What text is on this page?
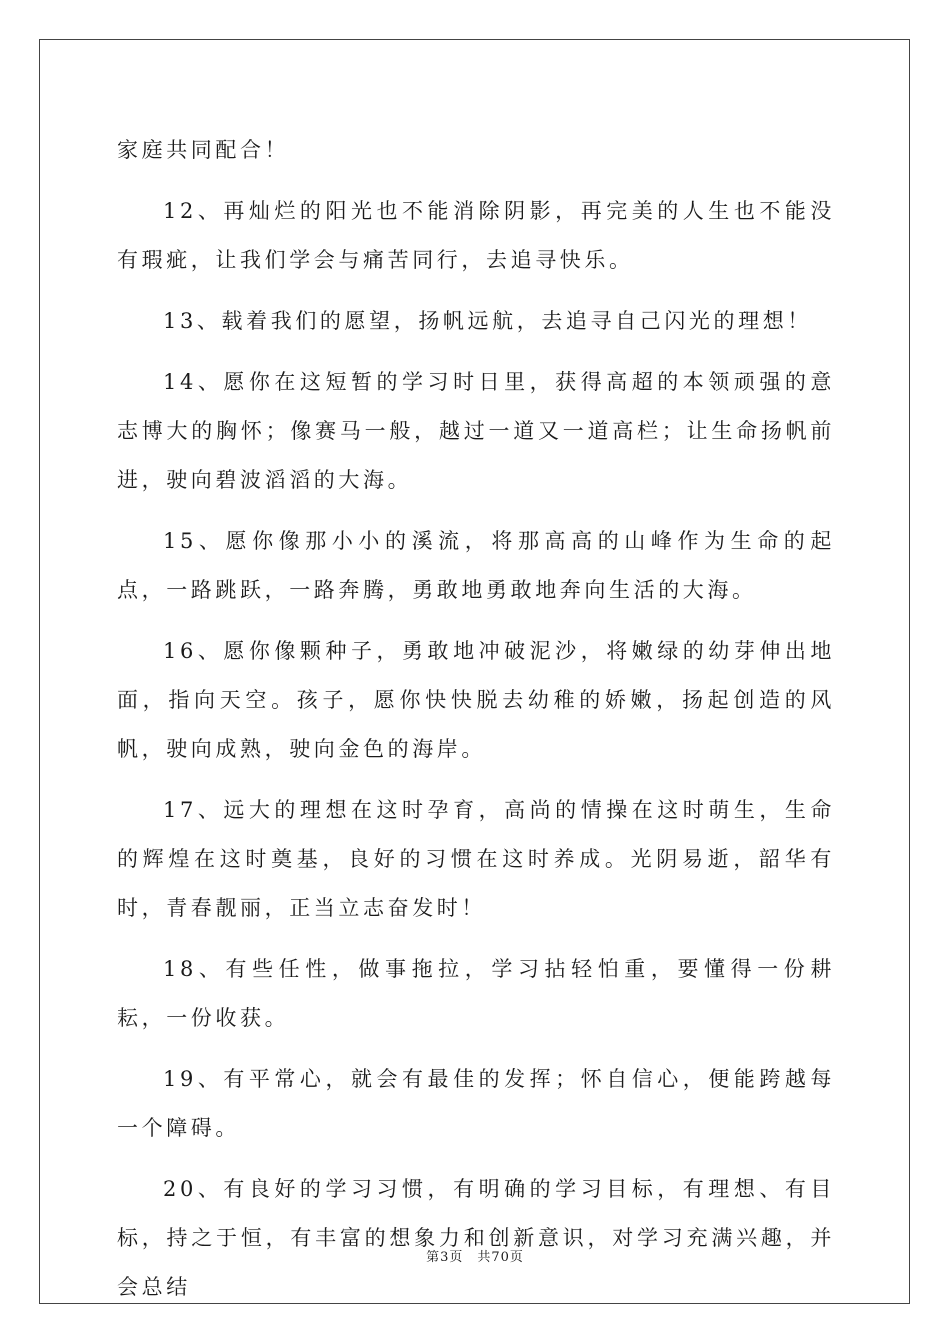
家庭共同配合！

12、再灿烂的阳光也不能消除阴影，再完美的人生也不能没有瑕疵，让我们学会与痛苦同行，去追寻快乐。

13、载着我们的愿望，扬帆远航，去追寻自己闪光的理想！

14、愿你在这短暂的学习时日里，获得高超的本领顽强的意志博大的胸怀；像赛马一般，越过一道又一道高栏；让生命扬帆前进，驶向碧波滔滔的大海。

15、愿你像那小小的溪流，将那高高的山峰作为生命的起点，一路跳跃，一路奔腾，勇敢地勇敢地奔向生活的大海。

16、愿你像颗种子，勇敢地冲破泥沙，将嫩绿的幼芽伸出地面，指向天空。孩子，愿你快快脱去幼稚的娇嫩，扬起创造的风帆，驶向成熟，驶向金色的海岸。

17、远大的理想在这时孕育，高尚的情操在这时萌生，生命的辉煌在这时奠基，良好的习惯在这时养成。光阴易逝，韶华有时，青春靓丽，正当立志奋发时！

18、有些任性，做事拖拉，学习拈轻怕重，要懂得一份耕耘，一份收获。

19、有平常心，就会有最佳的发挥；怀自信心，便能跨越每一个障碍。

20、有良好的学习习惯，有明确的学习目标，有理想、有目标，持之于恒，有丰富的想象力和创新意识，对学习充满兴趣，并会总结

第3页 共70页
